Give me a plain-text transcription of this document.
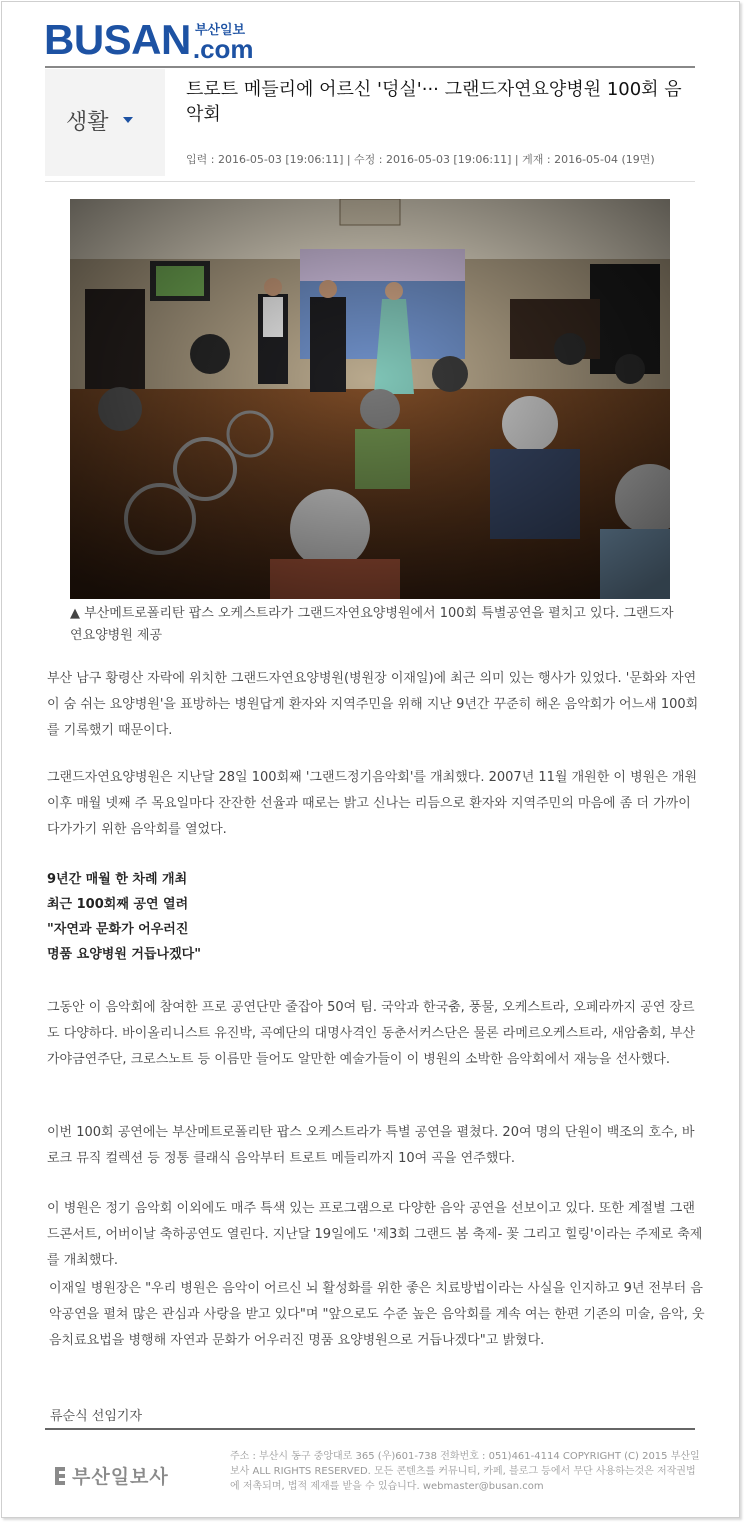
BUSAN 부산일보
.com
생활
트로트 메들리에 어르신 '덩실'··· 그랜드자연요양병원 100회 음악회
입력 : 2016-05-03 [19:06:11] | 수정 : 2016-05-03 [19:06:11] | 게재 : 2016-05-04 (19면)
▲ 부산메트로폴리탄 팝스 오케스트라가 그랜드자연요양병원에서 100회 특별공연을 펼치고 있다. 그랜드자연요양병원 제공

부산 남구 황령산 자락에 위치한 그랜드자연요양병원(병원장 이재일)에 최근 의미 있는 행사가 있었다. '문화와 자연이 숨 쉬는 요양병원'을 표방하는 병원답게 환자와 지역주민을 위해 지난 9년간 꾸준히 해온 음악회가 어느새 100회를 기록했기 때문이다.

그랜드자연요양병원은 지난달 28일 100회째 '그랜드정기음악회'를 개최했다. 2007년 11월 개원한 이 병원은 개원 이후 매월 넷째 주 목요일마다 잔잔한 선율과 때로는 밝고 신나는 리듬으로 환자와 지역주민의 마음에 좀 더 가까이 다가가기 위한 음악회를 열었다.

9년간 매월 한 차례 개최
최근 100회째 공연 열려
"자연과 문화가 어우러진
명품 요양병원 거듭나겠다"

그동안 이 음악회에 참여한 프로 공연단만 줄잡아 50여 팀. 국악과 한국춤, 풍물, 오케스트라, 오페라까지 공연 장르도 다양하다. 바이올리니스트 유진박, 곡예단의 대명사격인 동춘서커스단은 물론 라메르오케스트라, 새암춤회, 부산가야금연주단, 크로스노트 등 이름만 들어도 알만한 예술가들이 이 병원의 소박한 음악회에서 재능을 선사했다.

이번 100회 공연에는 부산메트로폴리탄 팝스 오케스트라가 특별 공연을 펼쳤다. 20여 명의 단원이 백조의 호수, 바로크 뮤직 컬렉션 등 정통 클래식 음악부터 트로트 메들리까지 10여 곡을 연주했다.

이 병원은 정기 음악회 이외에도 매주 특색 있는 프로그램으로 다양한 음악 공연을 선보이고 있다. 또한 계절별 그랜드콘서트, 어버이날 축하공연도 열린다. 지난달 19일에도 '제3회 그랜드 봄 축제- 꽃 그리고 힐링'이라는 주제로 축제를 개최했다.

이재일 병원장은 "우리 병원은 음악이 어르신 뇌 활성화를 위한 좋은 치료방법이라는 사실을 인지하고 9년 전부터 음악공연을 펼쳐 많은 관심과 사랑을 받고 있다"며 "앞으로도 수준 높은 음악회를 계속 여는 한편 기존의 미술, 음악, 웃음치료요법을 병행해 자연과 문화가 어우러진 명품 요양병원으로 거듭나겠다"고 밝혔다.

류순식 선임기자
부산일보사
주소 : 부산시 동구 중앙대로 365 (우)601-738 전화번호 : 051)461-4114 COPYRIGHT (C) 2015 부산일보사 ALL RIGHTS RESERVED. 모든 콘텐츠를 커뮤니티, 카페, 블로그 등에서 무단 사용하는것은 저작권법에 저촉되며, 법적 제재를 받을 수 있습니다. webmaster@busan.com
